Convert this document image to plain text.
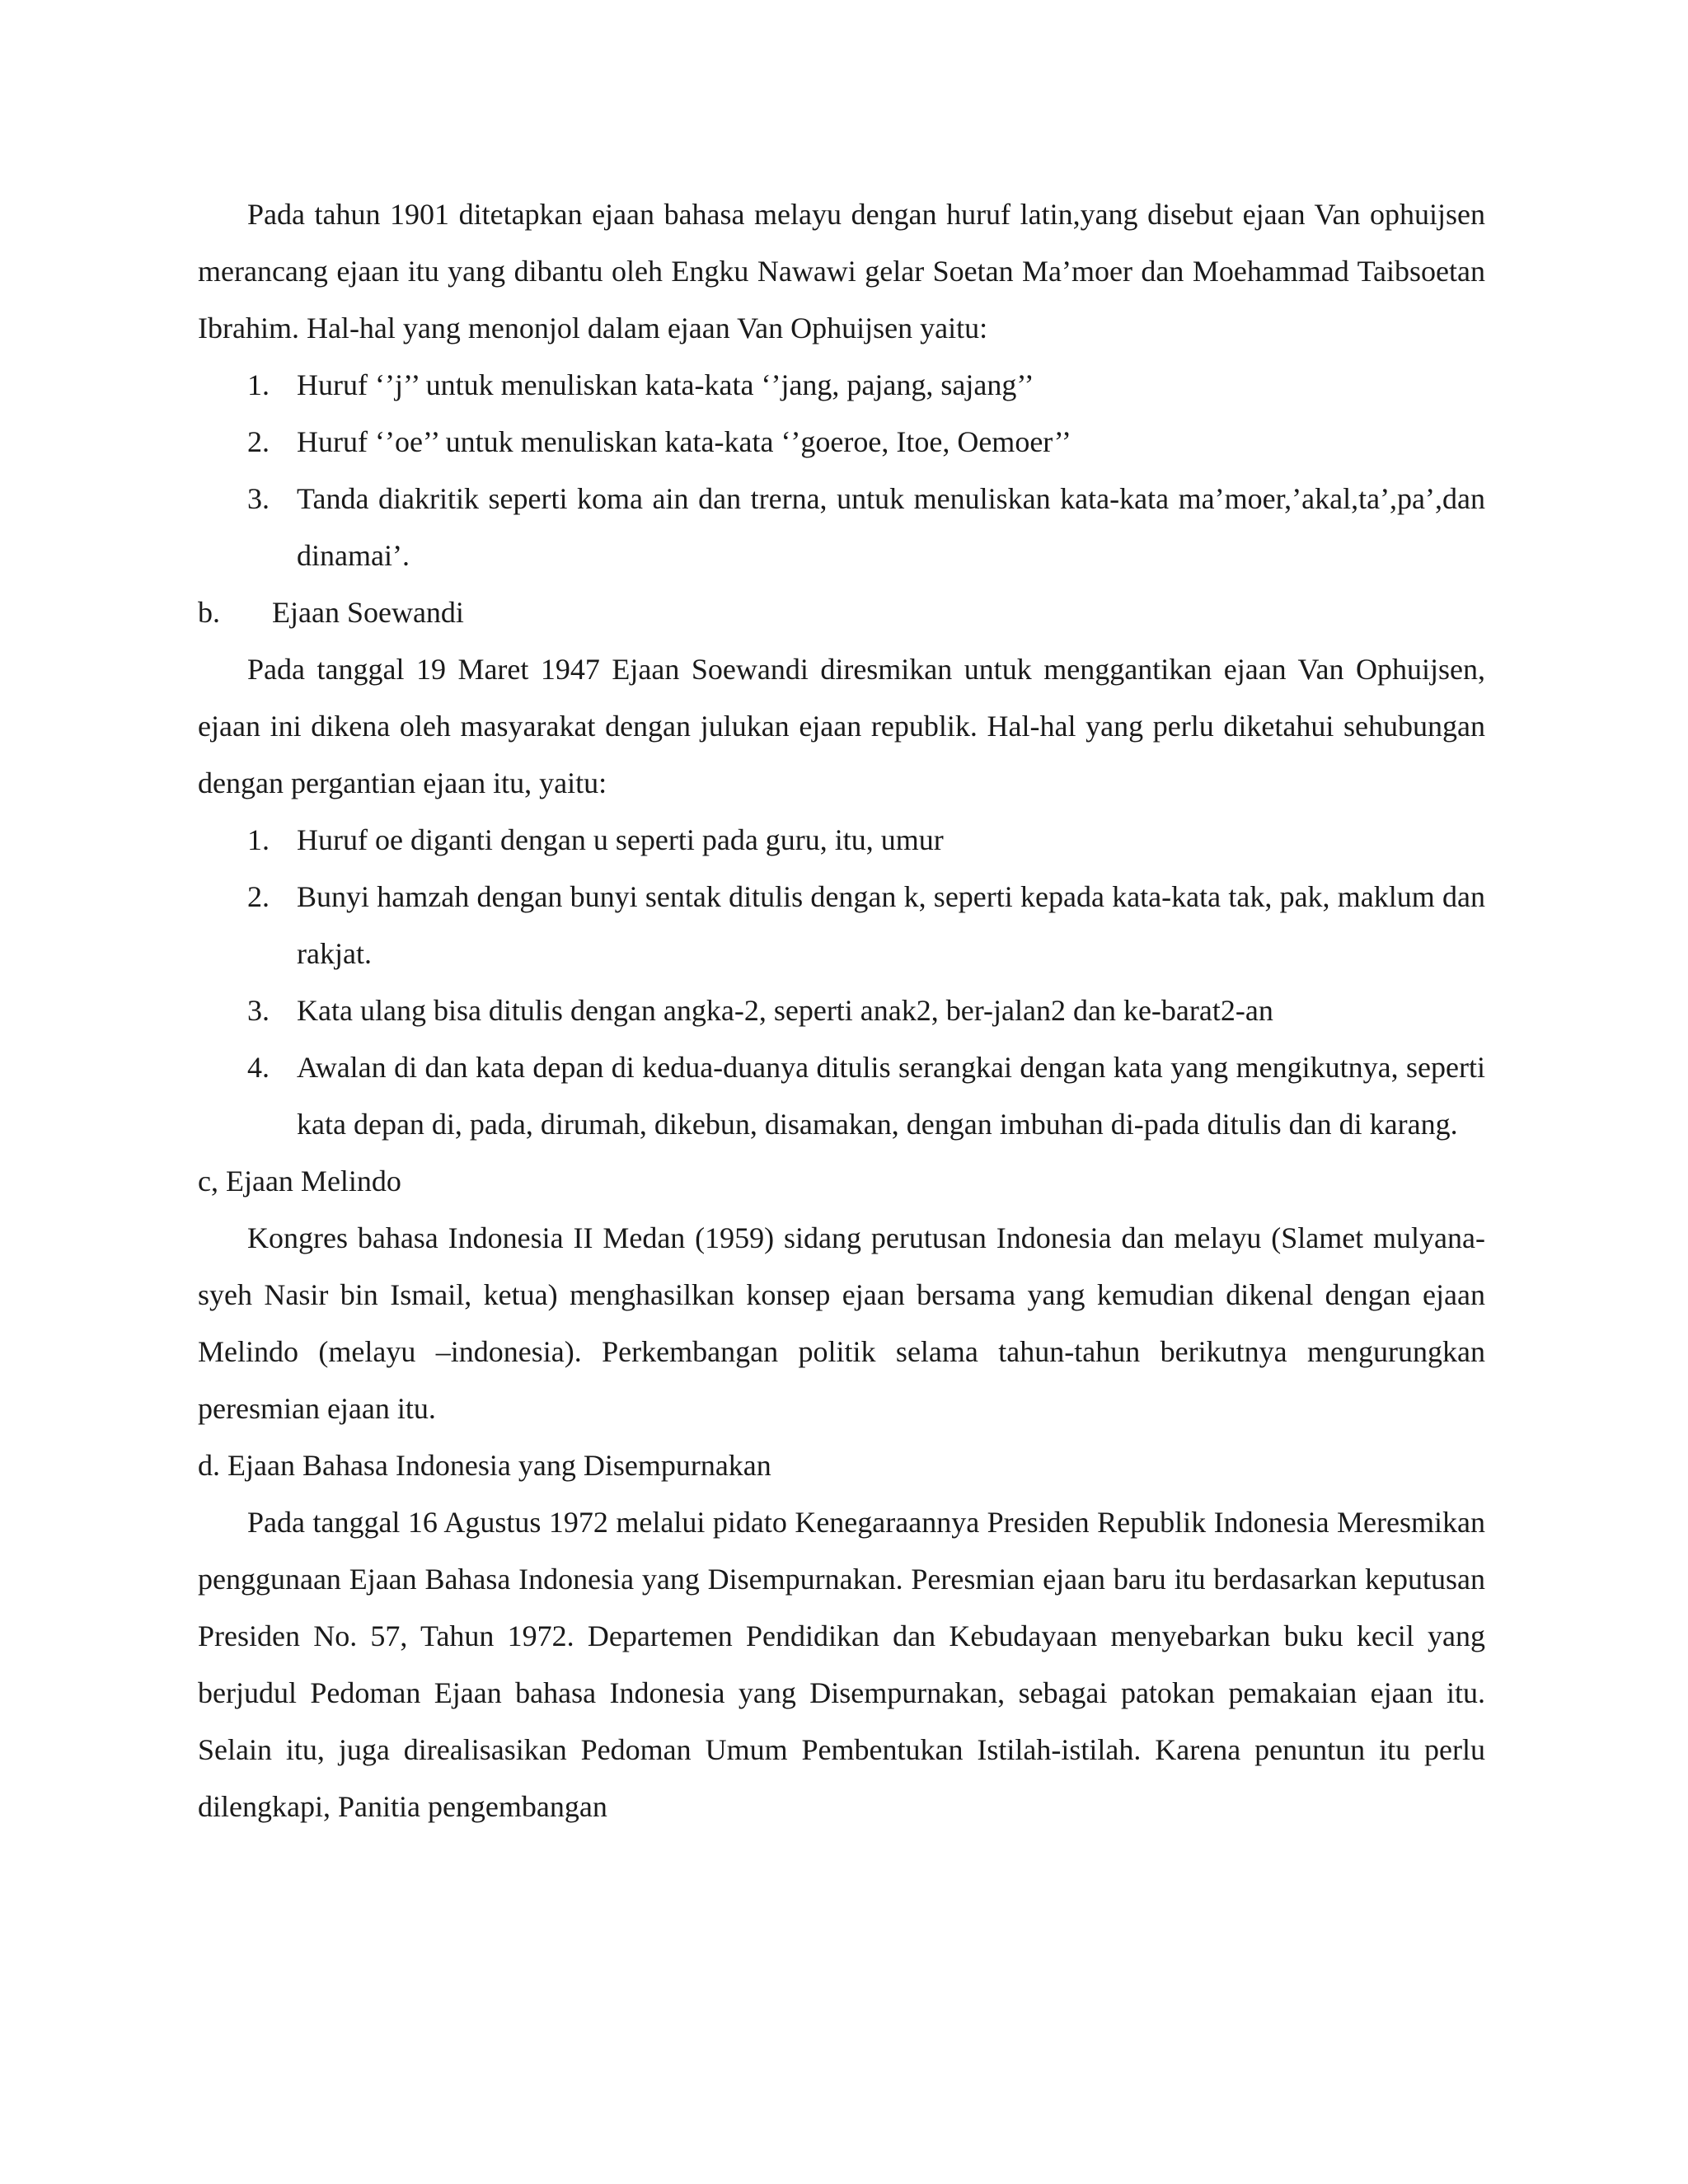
Pada tahun 1901 ditetapkan ejaan bahasa melayu dengan huruf latin,yang disebut ejaan Van ophuijsen merancang ejaan itu yang dibantu oleh Engku Nawawi gelar Soetan Ma’moer dan Moehammad Taibsoetan Ibrahim. Hal-hal yang menonjol dalam ejaan Van Ophuijsen yaitu:

1. Huruf ‘’j’’ untuk menuliskan kata-kata ‘’jang, pajang, sajang’’
2. Huruf ‘’oe’’ untuk menuliskan kata-kata ‘’goeroe, Itoe, Oemoer’’
3. Tanda diakritik seperti koma ain dan trerna, untuk menuliskan kata-kata ma’moer,’akal,ta’,pa’,dan dinamai’.

b. Ejaan Soewandi

Pada tanggal 19 Maret 1947 Ejaan Soewandi diresmikan untuk menggantikan ejaan Van Ophuijsen, ejaan ini dikena oleh masyarakat dengan julukan ejaan republik. Hal-hal yang perlu diketahui sehubungan dengan pergantian ejaan itu, yaitu:

1. Huruf oe diganti dengan u seperti pada guru, itu, umur
2. Bunyi hamzah dengan bunyi sentak ditulis dengan k, seperti kepada kata-kata tak, pak, maklum dan rakjat.
3. Kata ulang bisa ditulis dengan angka-2, seperti anak2, ber-jalan2 dan ke-barat2-an
4. Awalan di dan kata depan di kedua-duanya ditulis serangkai dengan kata yang mengikutnya, seperti kata depan di, pada, dirumah, dikebun, disamakan, dengan imbuhan di-pada ditulis dan di karang.

c, Ejaan Melindo

Kongres bahasa Indonesia II Medan (1959) sidang perutusan Indonesia dan melayu (Slamet mulyana-syeh Nasir bin Ismail, ketua) menghasilkan konsep ejaan bersama yang kemudian dikenal dengan ejaan Melindo (melayu –indonesia). Perkembangan politik selama tahun-tahun berikutnya mengurungkan peresmian ejaan itu.

d. Ejaan Bahasa Indonesia yang Disempurnakan

Pada tanggal 16 Agustus 1972 melalui pidato Kenegaraannya Presiden Republik Indonesia Meresmikan penggunaan Ejaan Bahasa Indonesia yang Disempurnakan. Peresmian ejaan baru itu berdasarkan keputusan Presiden No. 57, Tahun 1972. Departemen Pendidikan dan Kebudayaan menyebarkan buku kecil yang berjudul Pedoman Ejaan bahasa Indonesia yang Disempurnakan, sebagai patokan pemakaian ejaan itu. Selain itu, juga direalisasikan Pedoman Umum Pembentukan Istilah-istilah. Karena penuntun itu perlu dilengkapi, Panitia pengembangan
